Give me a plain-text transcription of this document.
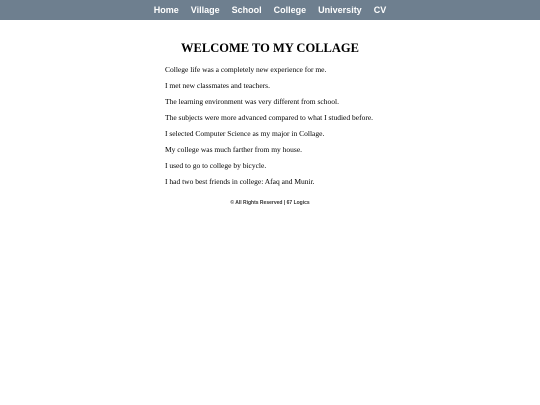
Home Village School College University CV
WELCOME TO MY COLLAGE

College life was a completely new experience for me.

I met new classmates and teachers.

The learning environment was very different from school.

The subjects were more advanced compared to what I studied before.

I selected Computer Science as my major in Collage.

My college was much farther from my house.

I used to go to college by bicycle.

I had two best friends in college: Afaq and Munir.

© All Rights Reserved | 67 Logics
